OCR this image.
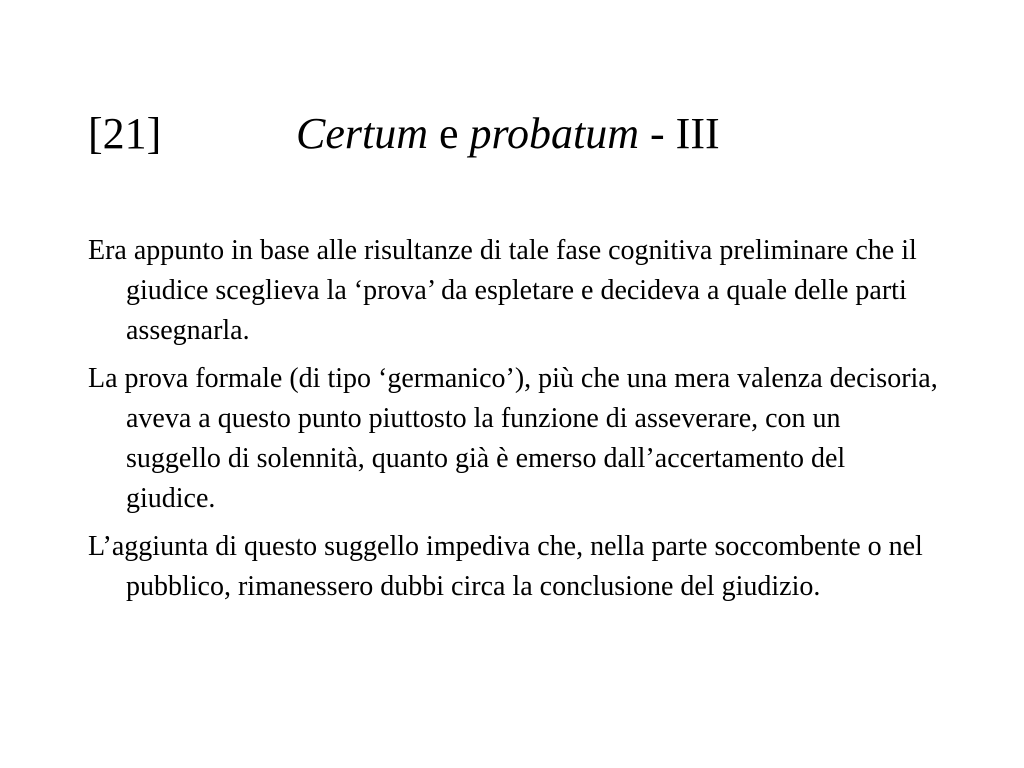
[21]	Certum e probatum - III

Era appunto in base alle risultanze di tale fase cognitiva preliminare che il giudice sceglieva la ‘prova’ da espletare e decideva a quale delle parti assegnarla.

La prova formale (di tipo ‘germanico’), più che una mera valenza decisoria, aveva a questo punto piuttosto la funzione di asseverare, con un suggello di solennità, quanto già è emerso dall’accertamento del giudice.

L’aggiunta di questo suggello impediva che, nella parte soccombente o nel pubblico, rimanessero dubbi circa la conclusione del giudizio.
